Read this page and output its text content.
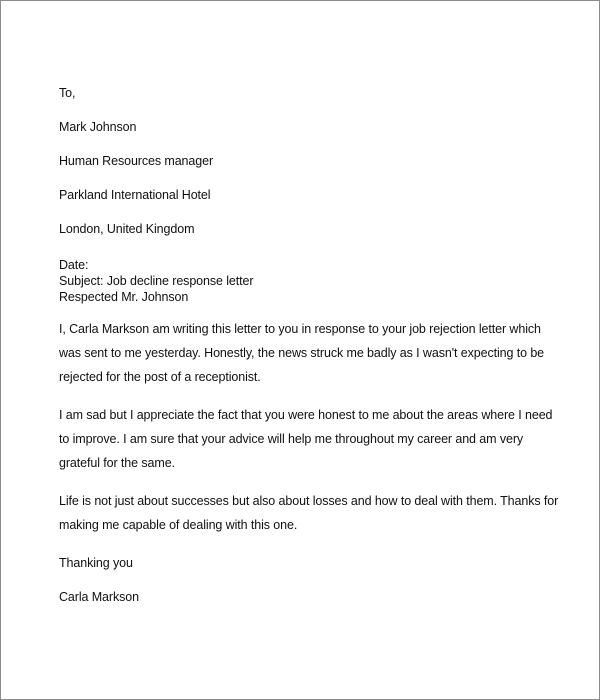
To,

Mark Johnson

Human Resources manager

Parkland International Hotel

London, United Kingdom

Date:

Subject: Job decline response letter

Respected Mr. Johnson

I, Carla Markson am writing this letter to you in response to your job rejection letter which was sent to me yesterday. Honestly, the news struck me badly as I wasn't expecting to be rejected for the post of a receptionist.

I am sad but I appreciate the fact that you were honest to me about the areas where I need to improve. I am sure that your advice will help me throughout my career and am very grateful for the same.

Life is not just about successes but also about losses and how to deal with them. Thanks for making me capable of dealing with this one.

Thanking you

Carla Markson
